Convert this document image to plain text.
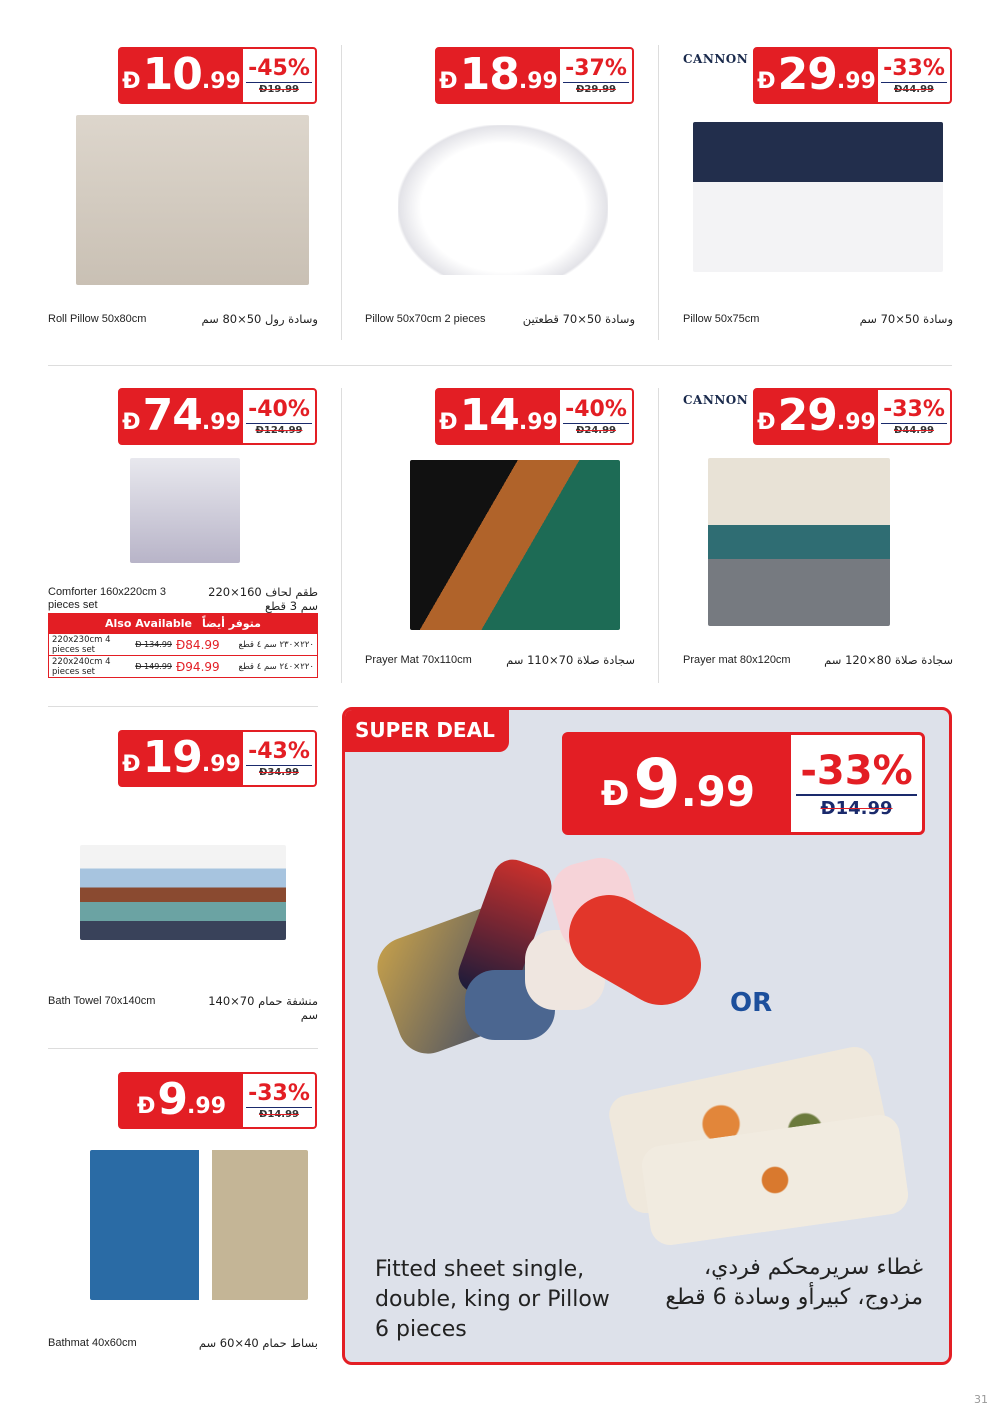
Đ 10 .99
-45%
Đ19.99
Roll Pillow 50x80cm	وسادة رول 50×80 سم
Đ 18 .99
-37%
Đ29.99
Pillow 50x70cm 2 pieces	وسادة 50×70 قطعتين
Đ 29 .99
-33%
Đ44.99
CANNON
Pillow 50x75cm	وسادة 50×70 سم
Đ 74 .99
-40%
Đ124.99
Comforter 160x220cm 3 pieces set
طقم لحاف 160×220 سم 3 قطع
Đ 14 .99
-40%
Đ24.99
Prayer Mat 70x110cm	سجادة صلاة 70×110 سم
Đ 29 .99
-33%
Đ44.99
CANNON
Prayer mat 80x120cm	سجادة صلاة 80×120 سم
Đ 19 .99
-43%
Đ34.99
Bath Towel 70x140cm	منشفة حمام 70×140 سم
Đ 9 .99
-33%
Đ14.99
Bathmat 40x60cm	بساط حمام 40×60 سم
Also Available متوفر أيضاً
220x230cm 4 pieces set	Đ 134.99 Đ84.99	٢٢٠×٢٣٠ سم ٤ قطع
220x240cm 4 pieces set	Đ 149.99 Đ94.99	٢٢٠×٢٤٠ سم ٤ قطع
SUPER DEAL
Đ 9 .99 -33%
Đ14.99
OR
Fitted sheet single, double, king or Pillow 6 pieces
غطاء سريرمحكم فردي، مزدوج، كبيرأو وسادة 6 قطع
31
